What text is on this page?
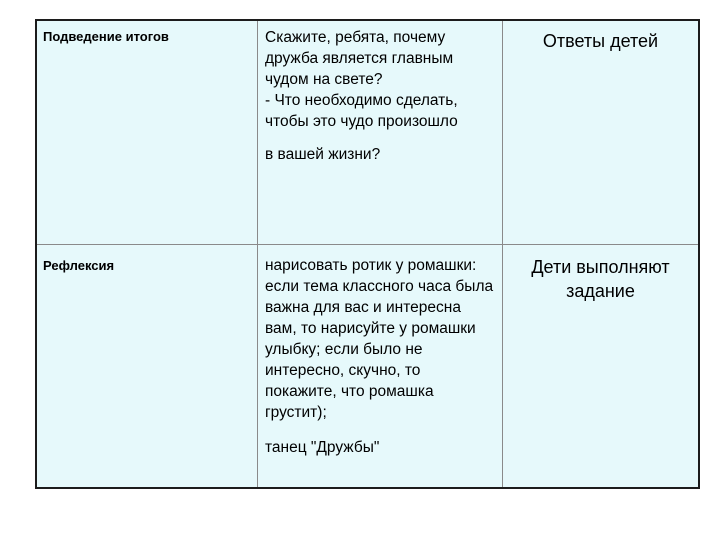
Подведение итогов	Скажите, ребята, почему дружба является главным чудом на свете?

- Что необходимо сделать, чтобы это чудо произошло

в вашей жизни?

Ответы детей
Рефлексия	нарисовать ротик у ромашки: если тема классного часа была важна для вас и интересна вам, то нарисуйте у ромашки улыбку; если было не интересно, скучно, то покажите, что ромашка грустит);

танец "Дружбы"

Дети выполняют задание
